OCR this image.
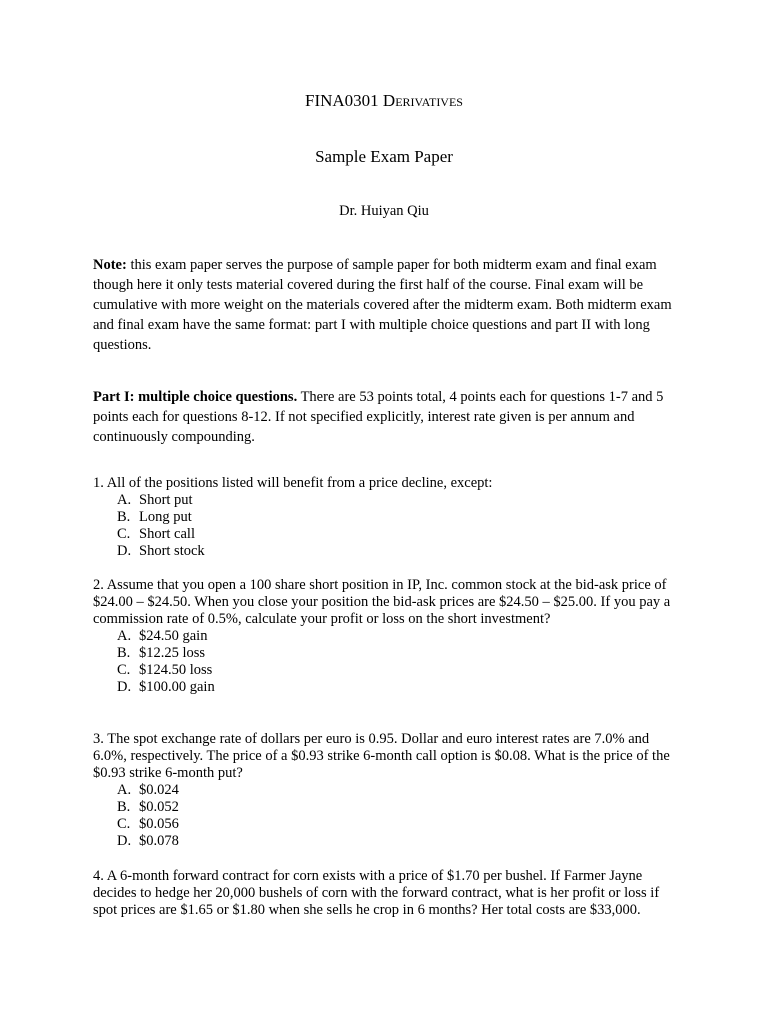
FINA0301 Derivatives
Sample Exam Paper
Dr. Huiyan Qiu

Note: this exam paper serves the purpose of sample paper for both midterm exam and final exam though here it only tests material covered during the first half of the course. Final exam will be cumulative with more weight on the materials covered after the midterm exam. Both midterm exam and final exam have the same format: part I with multiple choice questions and part II with long questions.

Part I: multiple choice questions. There are 53 points total, 4 points each for questions 1-7 and 5 points each for questions 8-12. If not specified explicitly, interest rate given is per annum and continuously compounding.

1. All of the positions listed will benefit from a price decline, except:

A. Short put
B. Long put
C. Short call
D. Short stock

2. Assume that you open a 100 share short position in IP, Inc. common stock at the bid-ask price of $24.00 – $24.50. When you close your position the bid-ask prices are $24.50 – $25.00. If you pay a commission rate of 0.5%, calculate your profit or loss on the short investment?

A. $24.50 gain
B. $12.25 loss
C. $124.50 loss
D. $100.00 gain

3. The spot exchange rate of dollars per euro is 0.95. Dollar and euro interest rates are 7.0% and 6.0%, respectively. The price of a $0.93 strike 6-month call option is $0.08. What is the price of the $0.93 strike 6-month put?

A. $0.024
B. $0.052
C. $0.056
D. $0.078

4. A 6-month forward contract for corn exists with a price of $1.70 per bushel. If Farmer Jayne decides to hedge her 20,000 bushels of corn with the forward contract, what is her profit or loss if spot prices are $1.65 or $1.80 when she sells he crop in 6 months? Her total costs are $33,000.
